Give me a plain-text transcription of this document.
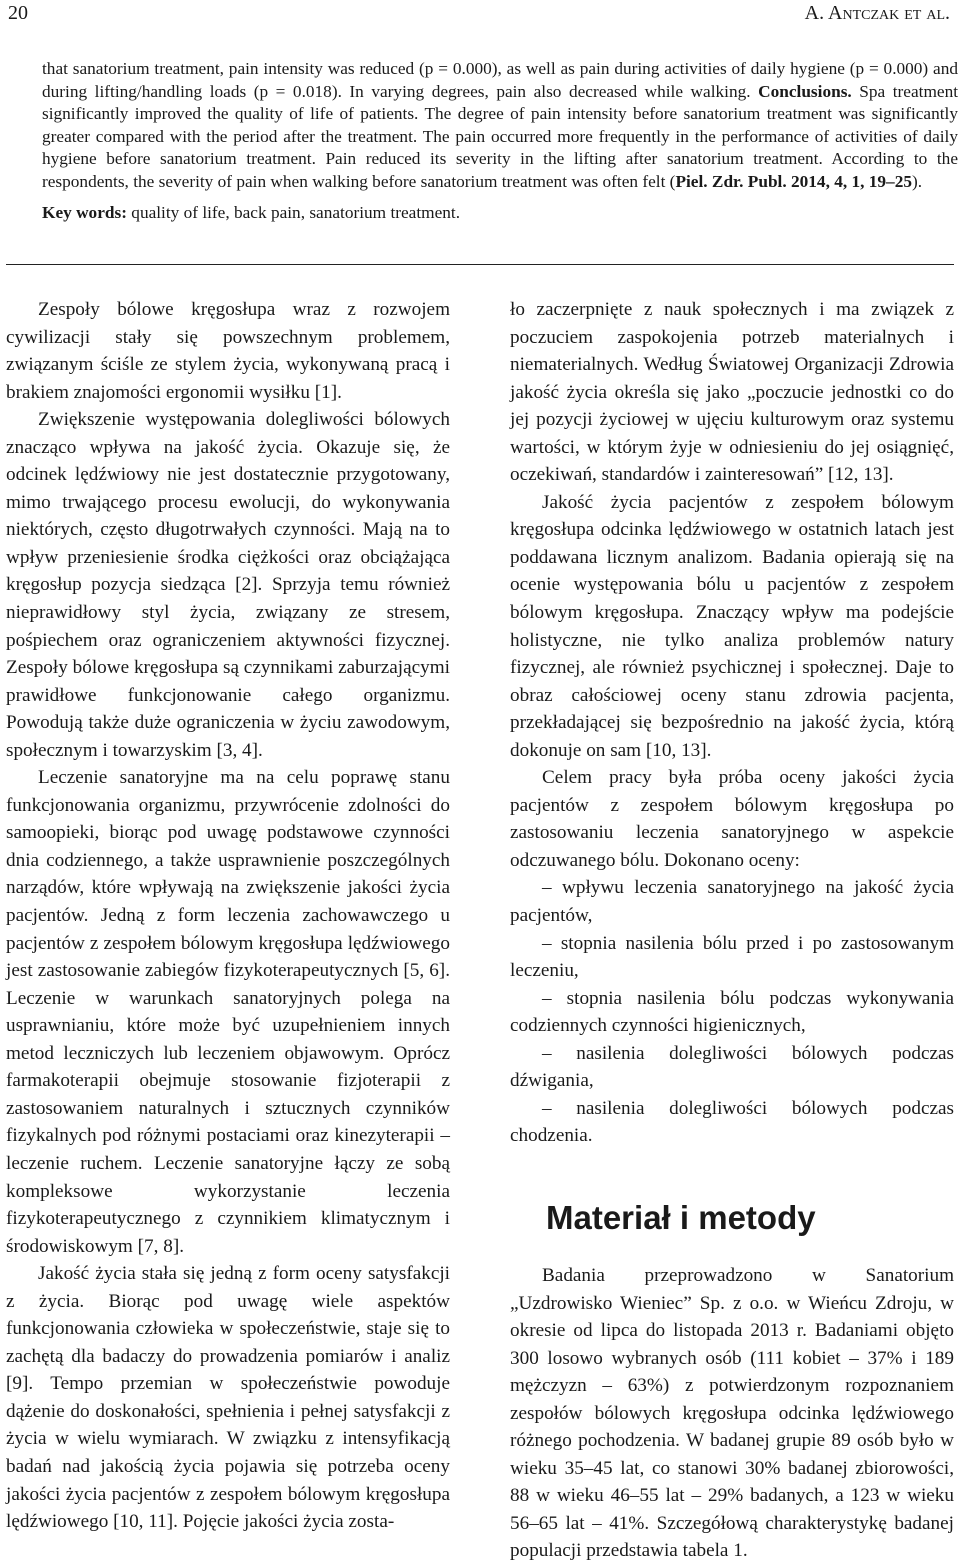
20	A. Antczak et al.

that sanatorium treatment, pain intensity was reduced (p = 0.000), as well as pain during activities of daily hygiene (p = 0.000) and during lifting/handling loads (p = 0.018). In varying degrees, pain also decreased while walking. Conclusions. Spa treatment significantly improved the quality of life of patients. The degree of pain intensity before sanatorium treatment was significantly greater compared with the period after the treatment. The pain occurred more frequently in the performance of activities of daily hygiene before sanatorium treatment. Pain reduced its severity in the lifting after sanatorium treatment. According to the respondents, the severity of pain when walking before sanatorium treatment was often felt (Piel. Zdr. Publ. 2014, 4, 1, 19–25).

Key words: quality of life, back pain, sanatorium treatment.

Zespoły bólowe kręgosłupa wraz z rozwojem cywilizacji stały się powszechnym problemem, związanym ściśle ze stylem życia, wykonywaną pracą i brakiem znajomości ergonomii wysiłku [1].

Zwiększenie występowania dolegliwości bólowych znacząco wpływa na jakość życia. Okazuje się, że odcinek lędźwiowy nie jest dostatecznie przygotowany, mimo trwającego procesu ewolucji, do wykonywania niektórych, często długotrwałych czynności. Mają na to wpływ przeniesienie środka ciężkości oraz obciążająca kręgosłup pozycja siedząca [2]. Sprzyja temu również nieprawidłowy styl życia, związany ze stresem, pośpiechem oraz ograniczeniem aktywności fizycznej. Zespoły bólowe kręgosłupa są czynnikami zaburzającymi prawidłowe funkcjonowanie całego organizmu. Powodują także duże ograniczenia w życiu zawodowym, społecznym i towarzyskim [3, 4].

Leczenie sanatoryjne ma na celu poprawę stanu funkcjonowania organizmu, przywrócenie zdolności do samoopieki, biorąc pod uwagę podstawowe czynności dnia codziennego, a także usprawnienie poszczególnych narządów, które wpływają na zwiększenie jakości życia pacjentów. Jedną z form leczenia zachowawczego u pacjentów z zespołem bólowym kręgosłupa lędźwiowego jest zastosowanie zabiegów fizykoterapeutycznych [5, 6]. Leczenie w warunkach sanatoryjnych polega na usprawnianiu, które może być uzupełnieniem innych metod leczniczych lub leczeniem objawowym. Oprócz farmakoterapii obejmuje stosowanie fizjoterapii z zastosowaniem naturalnych i sztucznych czynników fizykalnych pod różnymi postaciami oraz kinezyterapii – leczenie ruchem. Leczenie sanatoryjne łączy ze sobą kompleksowe wykorzystanie leczenia fizykoterapeutycznego z czynnikiem klimatycznym i środowiskowym [7, 8].

Jakość życia stała się jedną z form oceny satysfakcji z życia. Biorąc pod uwagę wiele aspektów funkcjonowania człowieka w społeczeństwie, staje się to zachętą dla badaczy do prowadzenia pomiarów i analiz [9]. Tempo przemian w społeczeństwie powoduje dążenie do doskonałości, spełnienia i pełnej satysfakcji z życia w wielu wymiarach. W związku z intensyfikacją badań nad jakością życia pojawia się potrzeba oceny jakości życia pacjentów z zespołem bólowym kręgosłupa lędźwiowego [10, 11]. Pojęcie jakości życia zosta-

ło zaczerpnięte z nauk społecznych i ma związek z poczuciem zaspokojenia potrzeb materialnych i niematerialnych. Według Światowej Organizacji Zdrowia jakość życia określa się jako „poczucie jednostki co do jej pozycji życiowej w ujęciu kulturowym oraz systemu wartości, w którym żyje w odniesieniu do jej osiągnięć, oczekiwań, standardów i zainteresowań” [12, 13].

Jakość życia pacjentów z zespołem bólowym kręgosłupa odcinka lędźwiowego w ostatnich latach jest poddawana licznym analizom. Badania opierają się na ocenie występowania bólu u pacjentów z zespołem bólowym kręgosłupa. Znaczący wpływ ma podejście holistyczne, nie tylko analiza problemów natury fizycznej, ale również psychicznej i społecznej. Daje to obraz całościowej oceny stanu zdrowia pacjenta, przekładającej się bezpośrednio na jakość życia, którą dokonuje on sam [10, 13].

Celem pracy była próba oceny jakości życia pacjentów z zespołem bólowym kręgosłupa po zastosowaniu leczenia sanatoryjnego w aspekcie odczuwanego bólu. Dokonano oceny:

– wpływu leczenia sanatoryjnego na jakość życia pacjentów,
– stopnia nasilenia bólu przed i po zastosowanym leczeniu,
– stopnia nasilenia bólu podczas wykonywania codziennych czynności higienicznych,
– nasilenia dolegliwości bólowych podczas dźwigania,
– nasilenia dolegliwości bólowych podczas chodzenia.
Materiał i metody

Badania przeprowadzono w Sanatorium „Uzdrowisko Wieniec” Sp. z o.o. w Wieńcu Zdroju, w okresie od lipca do listopada 2013 r. Badaniami objęto 300 losowo wybranych osób (111 kobiet – 37% i 189 mężczyzn – 63%) z potwierdzonym rozpoznaniem zespołów bólowych kręgosłupa odcinka lędźwiowego różnego pochodzenia. W badanej grupie 89 osób było w wieku 35–45 lat, co stanowi 30% badanej zbiorowości, 88 w wieku 46–55 lat – 29% badanych, a 123 w wieku 56–65 lat – 41%. Szczegółową charakterystykę badanej populacji przedstawia tabela 1.
